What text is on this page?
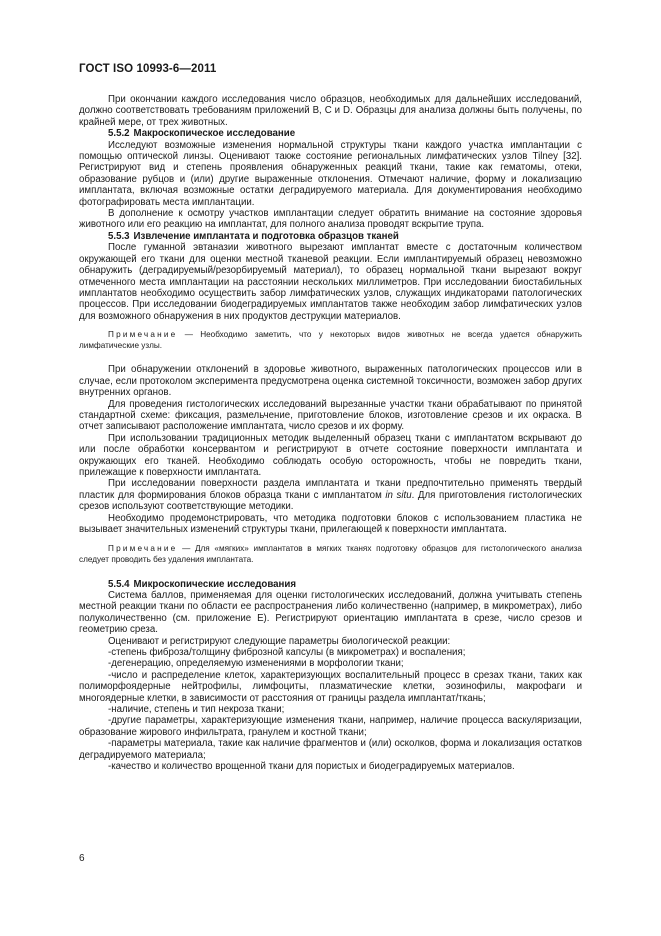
ГОСТ ISO 10993-6—2011

При окончании каждого исследования число образцов, необходимых для дальнейших исследований, должно соответствовать требованиям приложений B, C и D. Образцы для анализа должны быть получены, по крайней мере, от трех животных.

5.5.2 Макроскопическое исследование

Исследуют возможные изменения нормальной структуры ткани каждого участка имплантации с помощью оптической линзы. Оценивают также состояние региональных лимфатических узлов Tilney [32]. Регистрируют вид и степень проявления обнаруженных реакций ткани, такие как гематомы, отеки, образование рубцов и (или) другие выраженные отклонения. Отмечают наличие, форму и локализацию имплантата, включая возможные остатки деградируемого материала. Для документирования необходимо фотографировать места имплантации.

В дополнение к осмотру участков имплантации следует обратить внимание на состояние здоровья животного или его реакцию на имплантат, для полного анализа проводят вскрытие трупа.

5.5.3 Извлечение имплантата и подготовка образцов тканей

После гуманной эвтаназии животного вырезают имплантат вместе с достаточным количеством окружающей его ткани для оценки местной тканевой реакции. Если имплантируемый образец невозможно обнаружить (деградируемый/резорбируемый материал), то образец нормальной ткани вырезают вокруг отмеченного места имплантации на расстоянии нескольких миллиметров. При исследовании биостабильных имплантатов необходимо осуществить забор лимфатических узлов, служащих индикаторами патологических процессов. При исследовании биодеградируемых имплантатов также необходим забор лимфатических узлов для возможного обнаружения в них продуктов деструкции материалов.

Примечание — Необходимо заметить, что у некоторых видов животных не всегда удается обнаружить лимфатические узлы.

При обнаружении отклонений в здоровье животного, выраженных патологических процессов или в случае, если протоколом эксперимента предусмотрена оценка системной токсичности, возможен забор других внутренних органов.

Для проведения гистологических исследований вырезанные участки ткани обрабатывают по принятой стандартной схеме: фиксация, размельчение, приготовление блоков, изготовление срезов и их окраска. В отчет записывают расположение имплантата, число срезов и их форму.

При использовании традиционных методик выделенный образец ткани с имплантатом вскрывают до или после обработки консервантом и регистрируют в отчете состояние поверхности имплантата и окружающих его тканей. Необходимо соблюдать особую осторожность, чтобы не повредить ткани, прилежащие к поверхности имплантата.

При исследовании поверхности раздела имплантата и ткани предпочтительно применять твердый пластик для формирования блоков образца ткани с имплантатом in situ. Для приготовления гистологических срезов используют соответствующие методики.

Необходимо продемонстрировать, что методика подготовки блоков с использованием пластика не вызывает значительных изменений структуры ткани, прилегающей к поверхности имплантата.

Примечание — Для «мягких» имплантатов в мягких тканях подготовку образцов для гистологического анализа следует проводить без удаления имплантата.

5.5.4 Микроскопические исследования

Система баллов, применяемая для оценки гистологических исследований, должна учитывать степень местной реакции ткани по области ее распространения либо количественно (например, в микрометрах), либо полуколичественно (см. приложение Е). Регистрируют ориентацию имплантата в срезе, число срезов и геометрию среза.

Оценивают и регистрируют следующие параметры биологической реакции:

-степень фиброза/толщину фиброзной капсулы (в микрометрах) и воспаления;

-дегенерацию, определяемую изменениями в морфологии ткани;

-число и распределение клеток, характеризующих воспалительный процесс в срезах ткани, таких как полиморфоядерные нейтрофилы, лимфоциты, плазматические клетки, эозинофилы, макрофаги и многоядерные клетки, в зависимости от расстояния от границы раздела имплантат/ткань;

-наличие, степень и тип некроза ткани;

-другие параметры, характеризующие изменения ткани, например, наличие процесса васкуляризации, образование жирового инфильтрата, гранулем и костной ткани;

-параметры материала, такие как наличие фрагментов и (или) осколков, форма и локализация остатков деградируемого материала;

-качество и количество врощенной ткани для пористых и биодеградируемых материалов.

6
